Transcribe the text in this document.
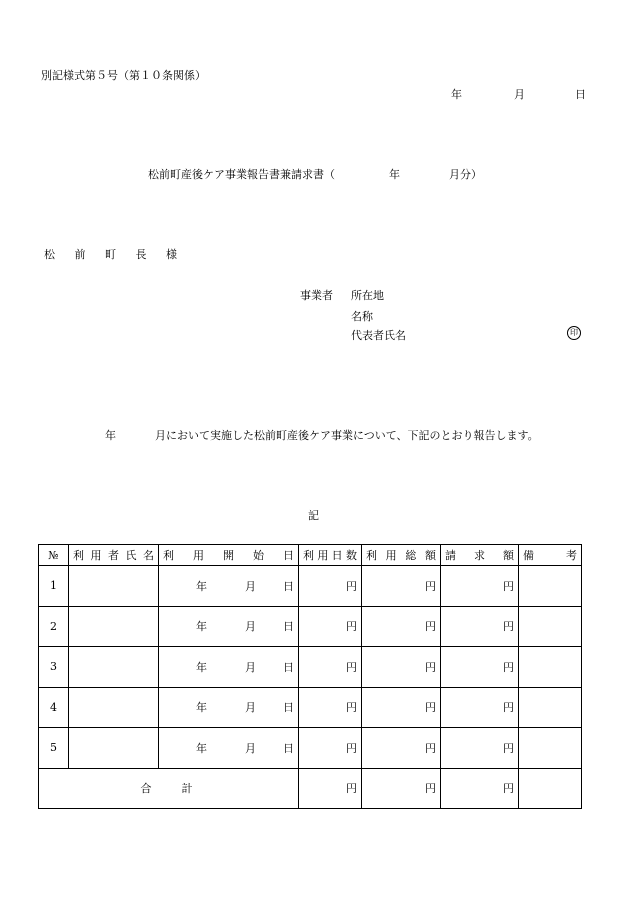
別記様式第５号（第１０条関係）
年	月	日
松前町産後ケア事業報告書兼請求書（	年	月分）
松 前 町 長 様
事業者 所在地
名称
代表者氏名	印
年	月において実施した松前町産後ケア事業について、下記のとおり報告します。
記
№	利用者氏名	利用開始日	利用日数	利用総額	請求額	備考
1		年 月 日	円	円	円	
2		年 月 日	円	円	円	
3		年 月 日	円	円	円	
4		年 月 日	円	円	円	
5		年 月 日	円	円	円	
合計			円	円	円	
